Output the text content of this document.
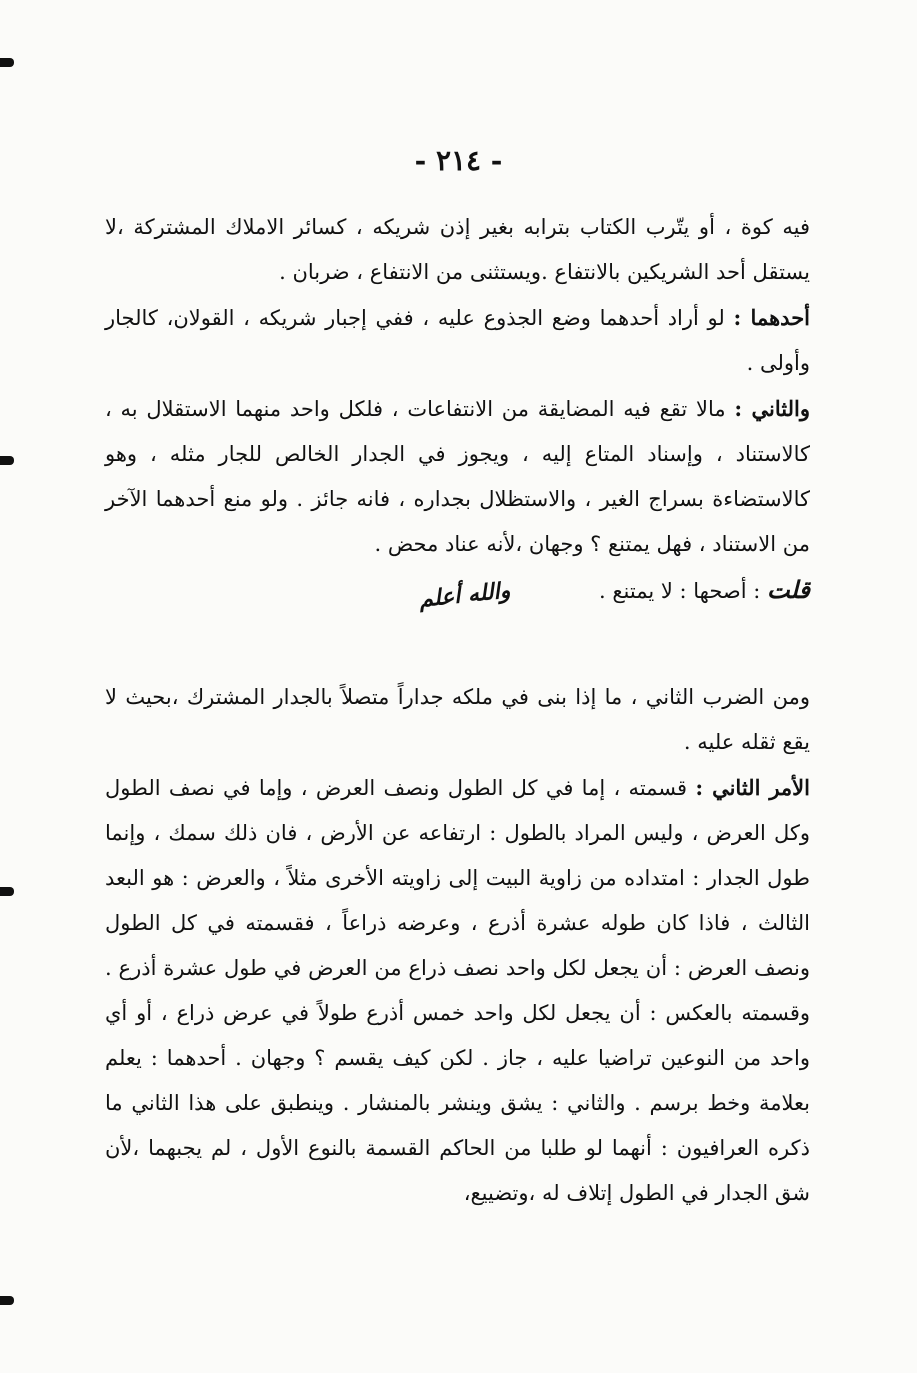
- ٢١٤ -

فيه كوة ، أو يتّرب الكتاب بترابه بغير إذن شريكه ، كسائر الاملاك المشتركة ،لا يستقل أحد الشريكين بالانتفاع .ويستثنى من الانتفاع ، ضربان .

أحدهما : لو أراد أحدهما وضع الجذوع عليه ، ففي إجبار شريكه ، القولان، كالجار وأولى .

والثاني : مالا تقع فيه المضايقة من الانتفاعات ، فلكل واحد منهما الاستقلال به ، كالاستناد ، وإسناد المتاع إليه ، ويجوز في الجدار الخالص للجار مثله ، وهو كالاستضاءة بسراج الغير ، والاستظلال بجداره ، فانه جائز . ولو منع أحدهما الآخر من الاستناد ، فهل يمتنع ؟ وجهان ،لأنه عناد محض .

قلت : أصحها : لا يمتنع .
والله أعلم

ومن الضرب الثاني ، ما إذا بنى في ملكه جداراً متصلاً بالجدار المشترك ،بحيث لا يقع ثقله عليه .

الأمر الثاني : قسمته ، إما في كل الطول ونصف العرض ، وإما في نصف الطول وكل العرض ، وليس المراد بالطول : ارتفاعه عن الأرض ، فان ذلك سمك ، وإنما طول الجدار : امتداده من زاوية البيت إلى زاويته الأخرى مثلاً ، والعرض : هو البعد الثالث ، فاذا كان طوله عشرة أذرع ، وعرضه ذراعاً ، فقسمته في كل الطول ونصف العرض : أن يجعل لكل واحد نصف ذراع من العرض في طول عشرة أذرع . وقسمته بالعكس : أن يجعل لكل واحد خمس أذرع طولاً في عرض ذراع ، أو أي واحد من النوعين تراضيا عليه ، جاز . لكن كيف يقسم ؟ وجهان . أحدهما : يعلم بعلامة وخط برسم . والثاني : يشق وينشر بالمنشار . وينطبق على هذا الثاني ما ذكره العرافيون : أنهما لو طلبا من الحاكم القسمة بالنوع الأول ، لم يجبهما ،لأن شق الجدار في الطول إتلاف له ،وتضييع،
